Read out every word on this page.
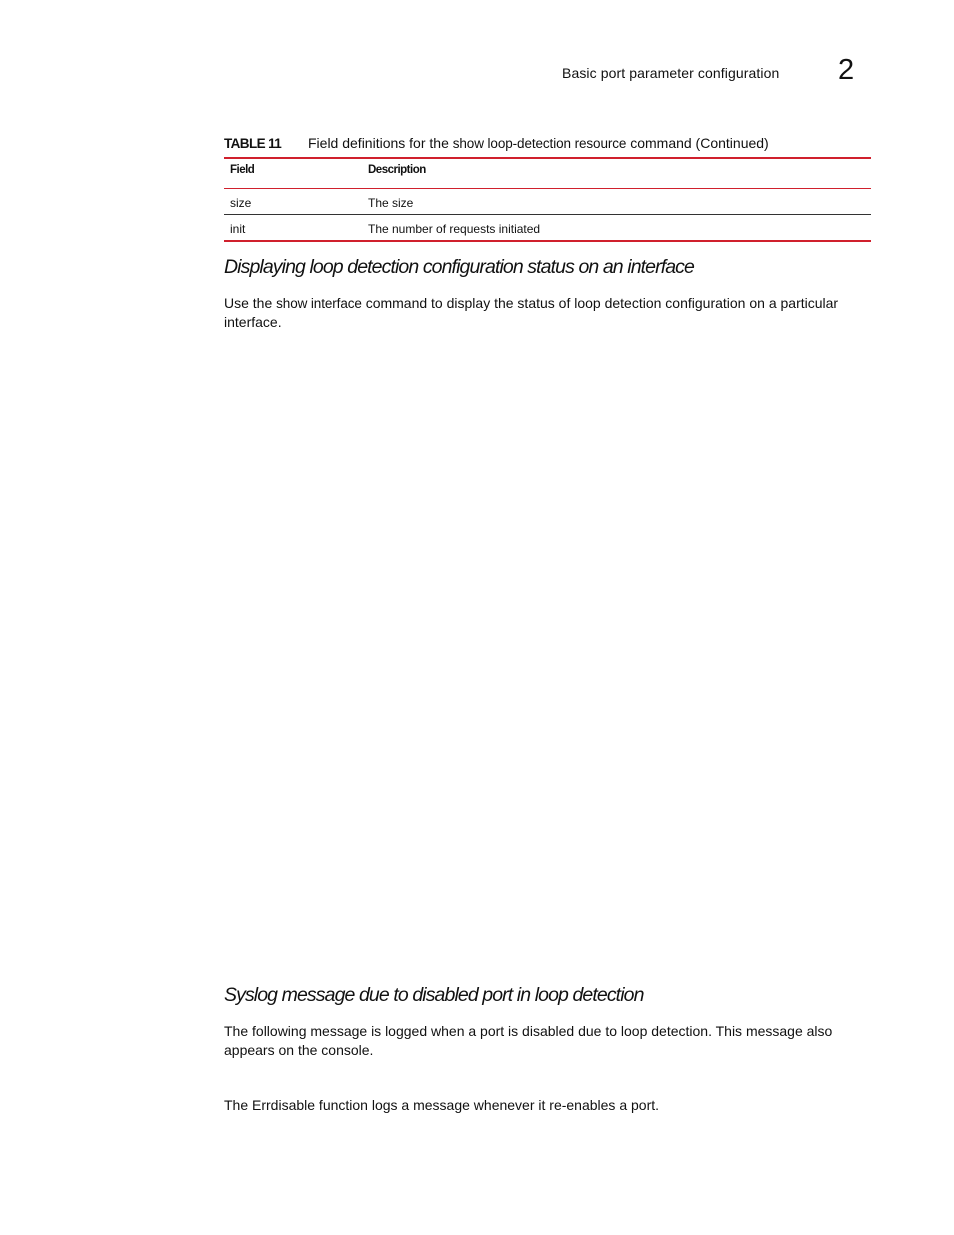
Basic port parameter configuration 2
TABLE 11 Field definitions for the show loop-detection resource command (Continued)
Field	Description
size	The size
init	The number of requests initiated
Displaying loop detection configuration status on an interface
Use the show interface command to display the status of loop detection configuration on a particular interface.
Syslog message due to disabled port in loop detection
The following message is logged when a port is disabled due to loop detection. This message also appears on the console.
The Errdisable function logs a message whenever it re-enables a port.
